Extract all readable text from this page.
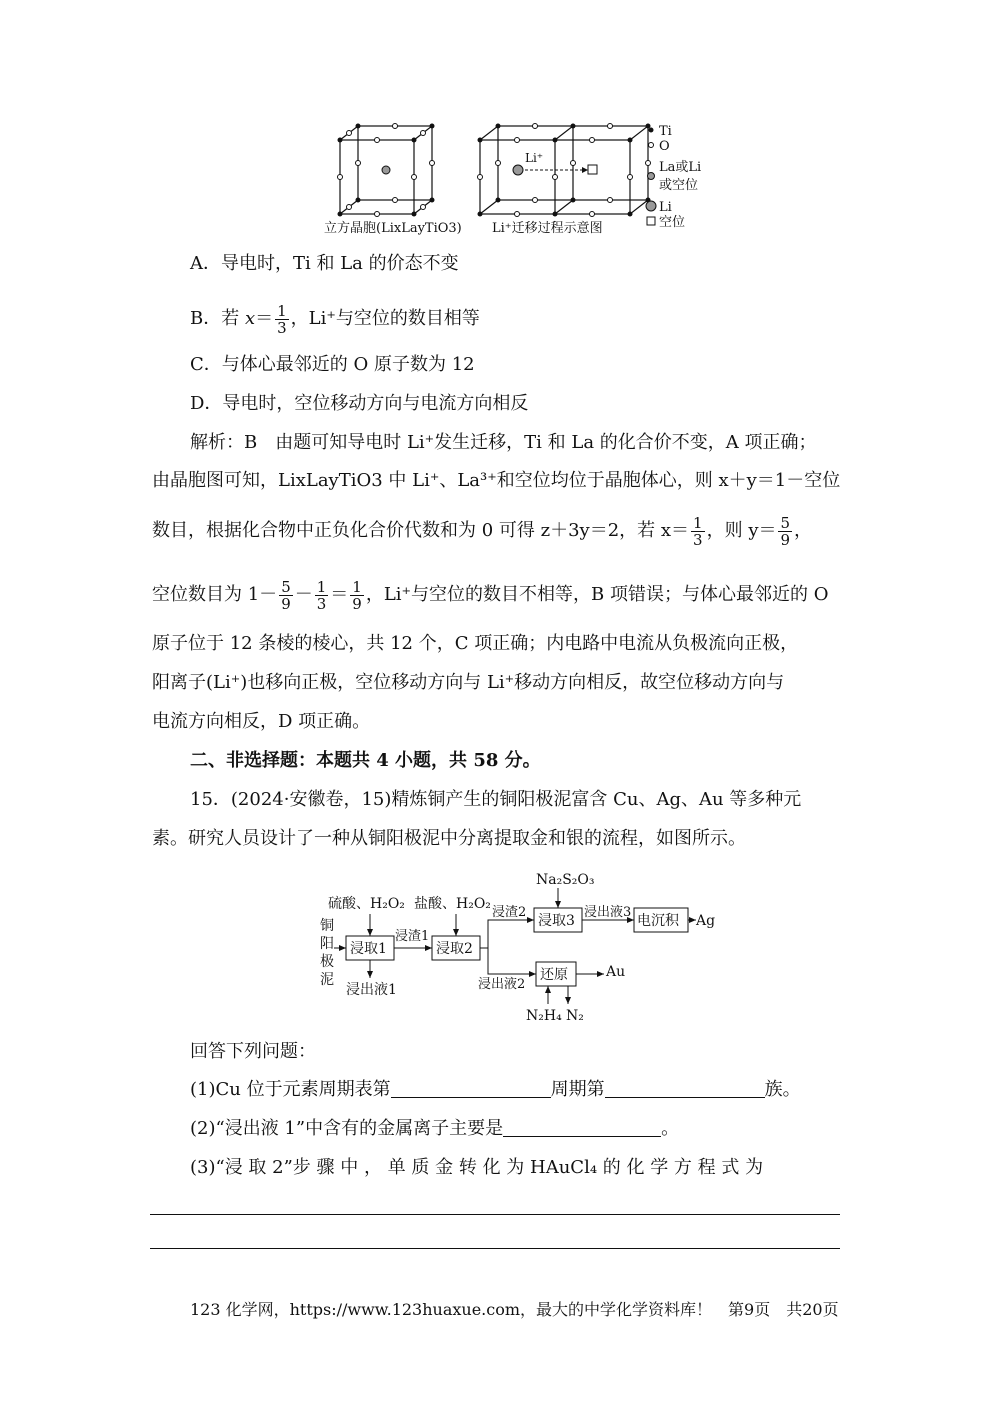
立方晶胞(LixLayTiO3)
Li⁺
Li⁺迁移过程示意图
Ti
O
La或Li
或空位
Li
空位
A．导电时，Ti 和 La 的价态不变
B．若 $x= \frac{1}{3}$ ，Li⁺与空位的数目相等
C．与体心最邻近的 O 原子数为 12
D．导电时，空位移动方向与电流方向相反
解析：B　由题可知导电时 Li⁺发生迁移，Ti 和 La 的化合价不变，A 项正确；
由晶胞图可知，LixLayTiO3 中 Li⁺、La³⁺和空位均位于晶胞体心，则 x＋y＝1－空位
数目，根据化合物中正负化合价代数和为 0 可得 z＋3y＝2，若 $x= \frac{1}{3}$ ，则 $y= \frac{5}{9}$ ，
空位数目为 $1- \frac{5}{9} - \frac{1}{3} = \frac{1}{9}$ ，Li⁺与空位的数目不相等，B 项错误；与体心最邻近的 O
原子位于 12 条棱的棱心，共 12 个，C 项正确；内电路中电流从负极流向正极，
阳离子(Li⁺)也移向正极，空位移动方向与 Li⁺移动方向相反，故空位移动方向与
电流方向相反，D 项正确。
二、非选择题：本题共 4 小题，共 58 分。
15．(2024·安徽卷，15)精炼铜产生的铜阳极泥富含 Cu、Ag、Au 等多种元
素。研究人员设计了一种从铜阳极泥中分离提取金和银的流程，如图所示。
铜
阳
极
泥
硫酸、H₂O₂ 盐酸、H₂O₂
Na₂S₂O₃
浸取1	浸取2
浸取3	电沉积
还原
浸渣1
浸渣2
浸出液1	浸出液2
浸出液3
Ag
Au
N₂H₄ N₂
回答下列问题：
(1)Cu 位于元素周期表第	周期第	族。
(2)“浸出液 1”中含有的金属离子主要是	。
(3)“浸 取 2”步 骤 中 ， 单 质 金 转 化 为 HAuCl₄ 的 化 学 方 程 式 为
123 化学网，https://www.123huaxue.com，最大的中学化学资料库！　第9页　共20页
